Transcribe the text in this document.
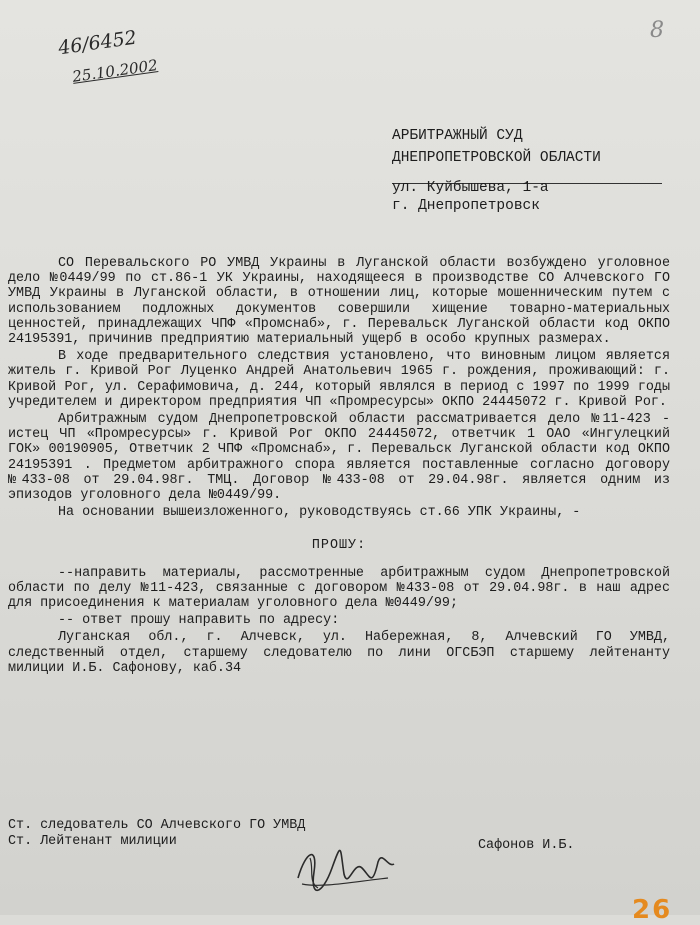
46/6452
25.10.2002
8
АРБИТРАЖНЫЙ СУД
ДНЕПРОПЕТРОВСКОЙ ОБЛАСТИ
ул. Куйбышева, 1-а
г. Днепропетровск

СО Перевальского РО УМВД Украины в Луганской области возбуждено уголовное дело №0449/99 по ст.86-1 УК Украины, находящееся в производстве СО Алчевского ГО УМВД Украины в Луганской области, в отношении лиц, которые мошенническим путем с использованием подложных документов совершили хищение товарно-материальных ценностей, принадлежащих ЧПФ «Промснаб», г. Перевальск Луганской области код ОКПО 24195391, причинив предприятию материальный ущерб в особо крупных размерах.

В ходе предварительного следствия установлено, что виновным лицом является житель г. Кривой Рог Луценко Андрей Анатольевич 1965 г. рождения, проживающий: г. Кривой Рог, ул. Серафимовича, д. 244, который являлся в период с 1997 по 1999 годы учредителем и директором предприятия ЧП «Промресурсы» ОКПО 24445072 г. Кривой Рог.

Арбитражным судом Днепропетровской области рассматривается дело №11-423 - истец ЧП «Промресурсы» г. Кривой Рог ОКПО 24445072, ответчик 1 ОАО «Ингулецкий ГОК» 00190905, Ответчик 2 ЧПФ «Промснаб», г. Перевальск Луганской области код ОКПО 24195391 . Предметом арбитражного спора является поставленные согласно договору №433-08 от 29.04.98г. ТМЦ. Договор №433-08 от 29.04.98г. является одним из эпизодов уголовного дела №0449/99.

На основании вышеизложенного, руководствуясь ст.66 УПК Украины, -

ПРОШУ:

--направить материалы, рассмотренные арбитражным судом Днепропетровской области по делу №11-423, связанные с договором №433-08 от 29.04.98г. в наш адрес для присоединения к материалам уголовного дела №0449/99;

-- ответ прошу направить по адресу:

Луганская обл., г. Алчевск, ул. Набережная, 8, Алчевский ГО УМВД, следственный отдел, старшему следователю по лини ОГСБЭП старшему лейтенанту милиции И.Б. Сафонову, каб.34

Ст. следователь СО Алчевского ГО УМВД
Ст. Лейтенант милиции	Сафонов И.Б.
26
